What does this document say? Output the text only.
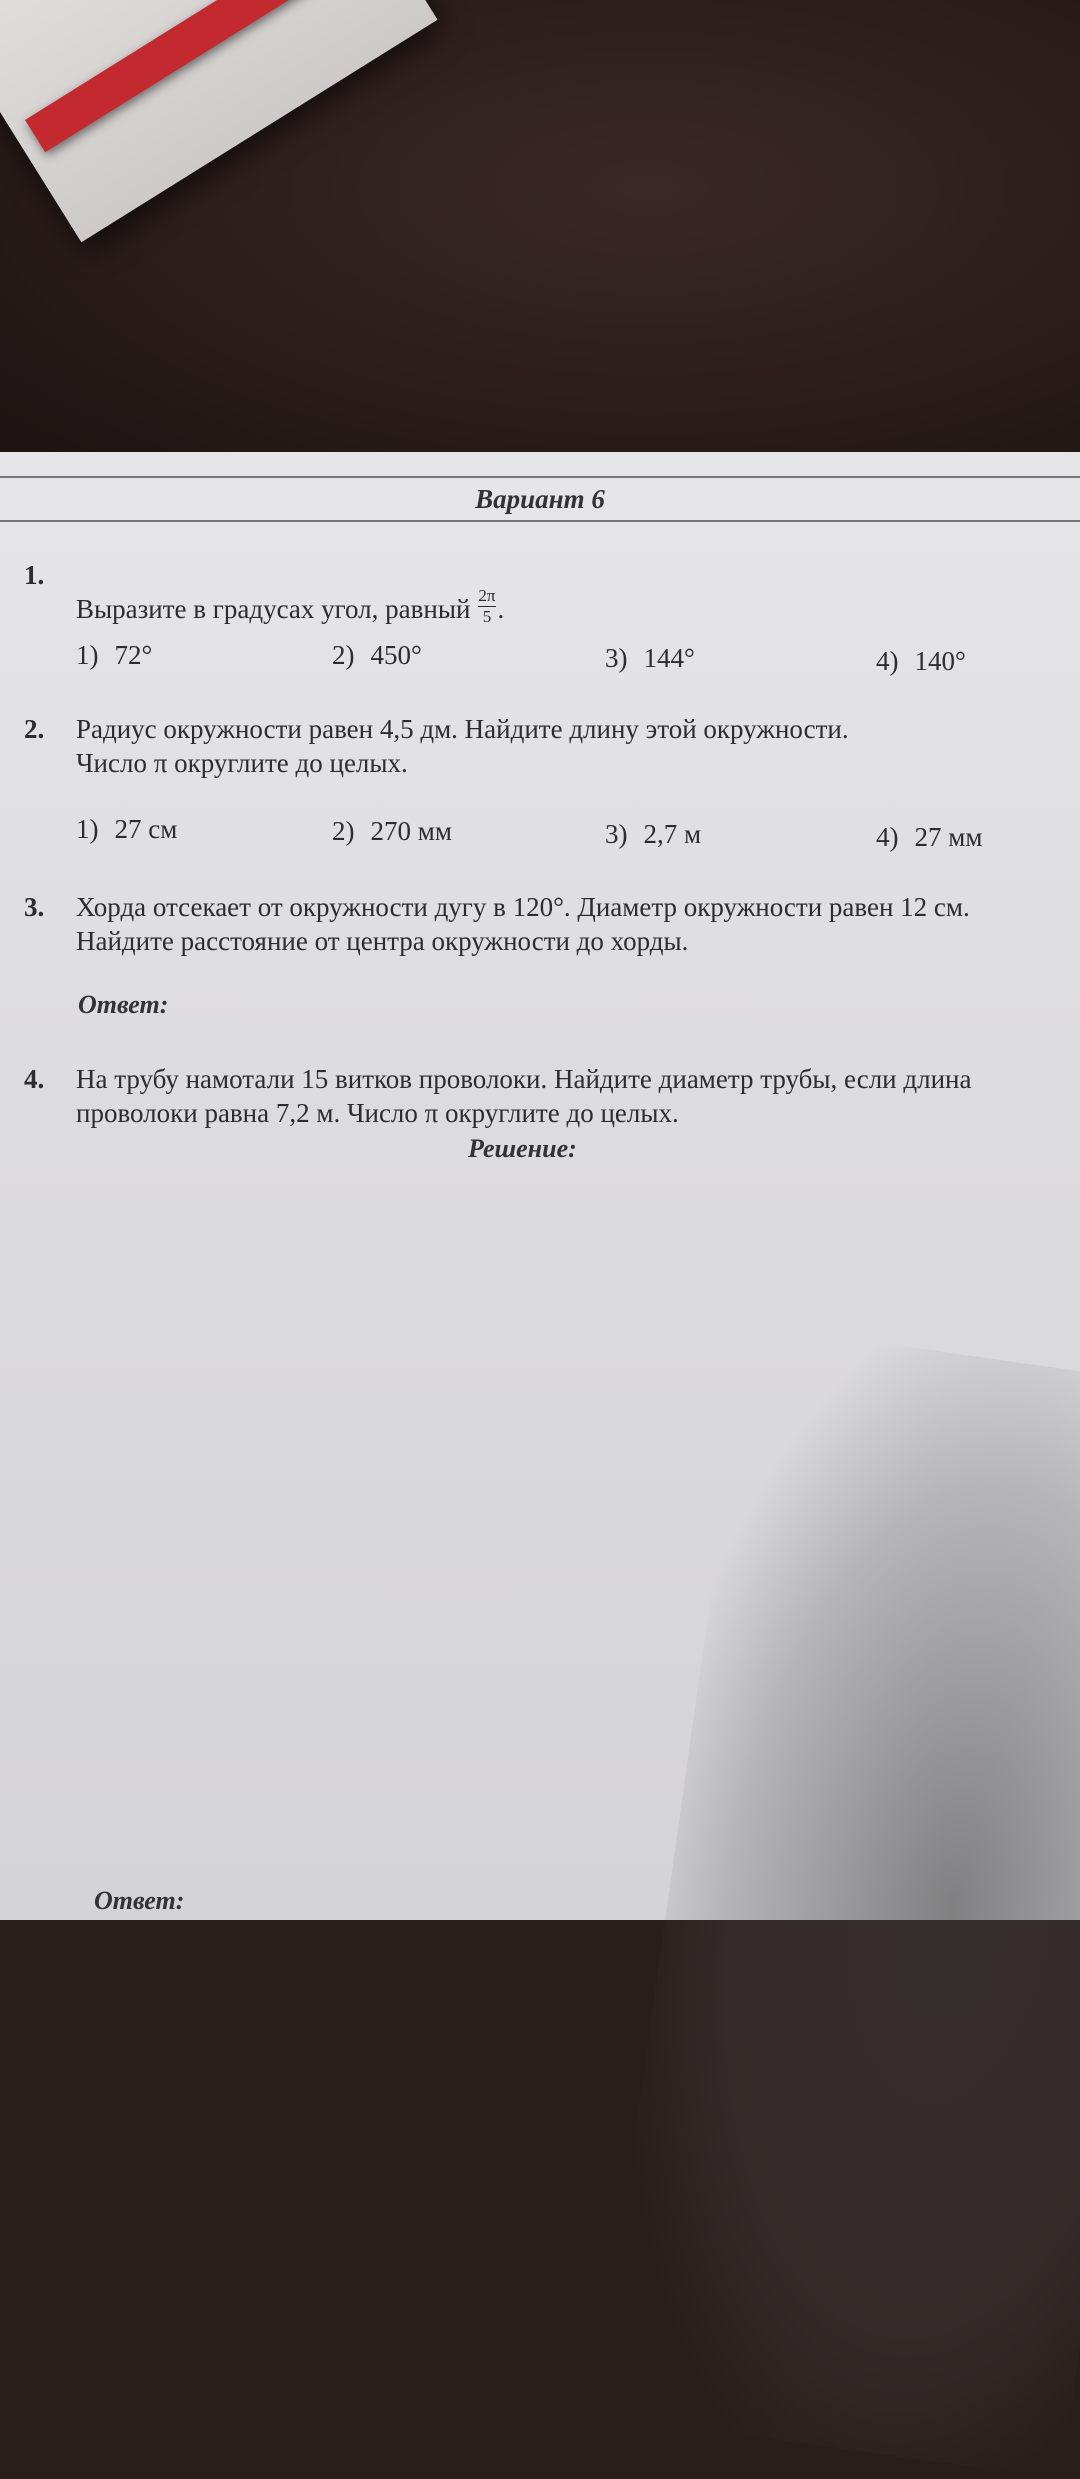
Вариант 6
1.

Выразите в градусах угол, равный $\frac{2\pi}{5}$ .

1) 72°	2) 450°	3) 144°	4) 140°
2. Радиус окружности равен 4,5 дм. Найдите длину этой окружности.
Число π округлите до целых.
1) 27 см	2) 270 мм	3) 2,7 м	4) 27 мм
3. Хорда отсекает от окружности дугу в 120°. Диаметр окружности равен 12 см.
Найдите расстояние от центра окружности до хорды.
Ответ:
4. На трубу намотали 15 витков проволоки. Найдите диаметр трубы, если длина
проволоки равна 7,2 м. Число π округлите до целых.
Решение:
Ответ:
